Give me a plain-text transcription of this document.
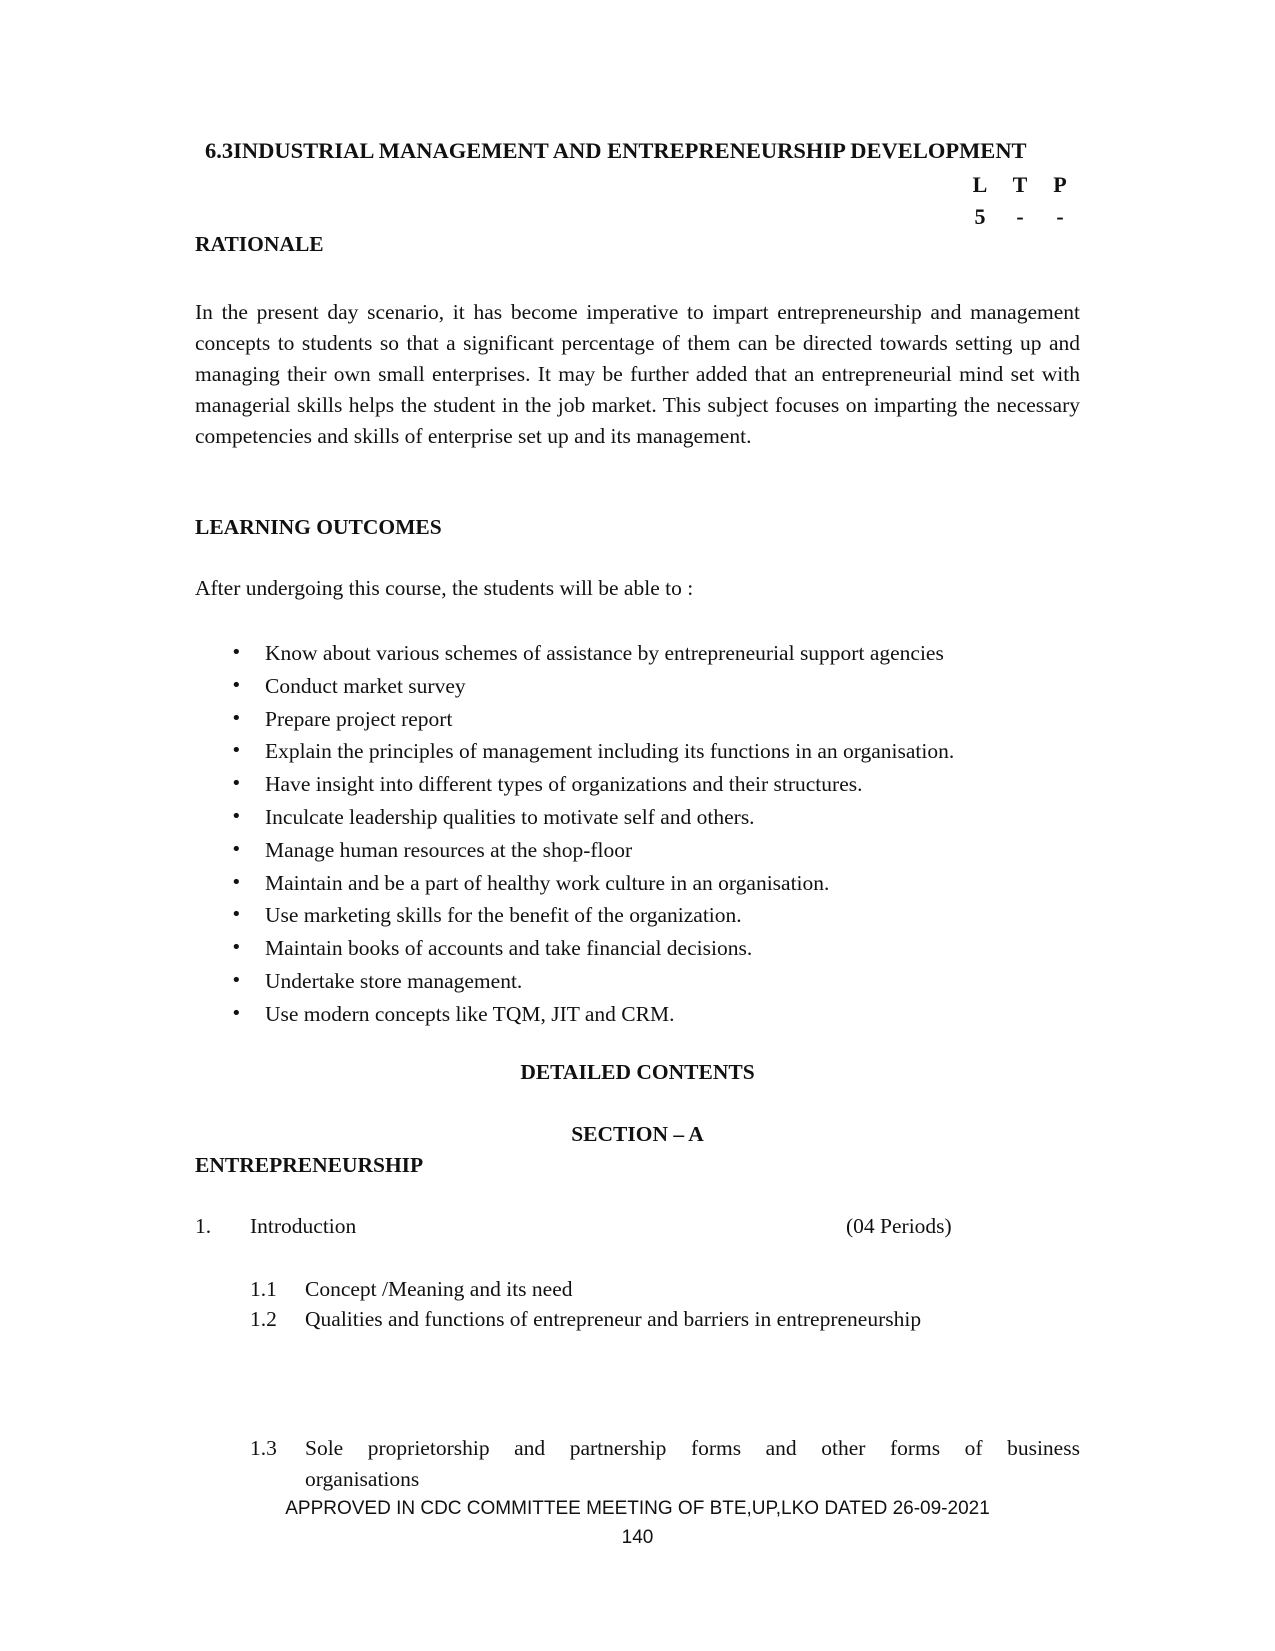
6.3INDUSTRIAL MANAGEMENT AND ENTREPRENEURSHIP DEVELOPMENT
L	T	P
5	-	-
RATIONALE
In the present day scenario, it has become imperative to impart entrepreneurship and management concepts to students so that a significant percentage of them can be directed towards setting up and managing their own small enterprises. It may be further added that an entrepreneurial mind set with managerial skills helps the student in the job market. This subject focuses on imparting the necessary competencies and skills of enterprise set up and its management.
LEARNING OUTCOMES
After undergoing this course, the students will be able to :
• Know about various schemes of assistance by entrepreneurial support agencies
• Conduct market survey
• Prepare project report
• Explain the principles of management including its functions in an organisation.
• Have insight into different types of organizations and their structures.
• Inculcate leadership qualities to motivate self and others.
• Manage human resources at the shop-floor
• Maintain and be a part of healthy work culture in an organisation.
• Use marketing skills for the benefit of the organization.
• Maintain books of accounts and take financial decisions.
• Undertake store management.
• Use modern concepts like TQM, JIT and CRM.
DETAILED CONTENTS
SECTION – A
ENTREPRENEURSHIP
1. Introduction	(04 Periods)
1.1 Concept /Meaning and its need
1.2 Qualities and functions of entrepreneur and barriers in entrepreneurship
1.3 Sole proprietorship and partnership forms and other forms of business
organisations
APPROVED IN CDC COMMITTEE MEETING OF BTE,UP,LKO DATED 26-09-2021
140
